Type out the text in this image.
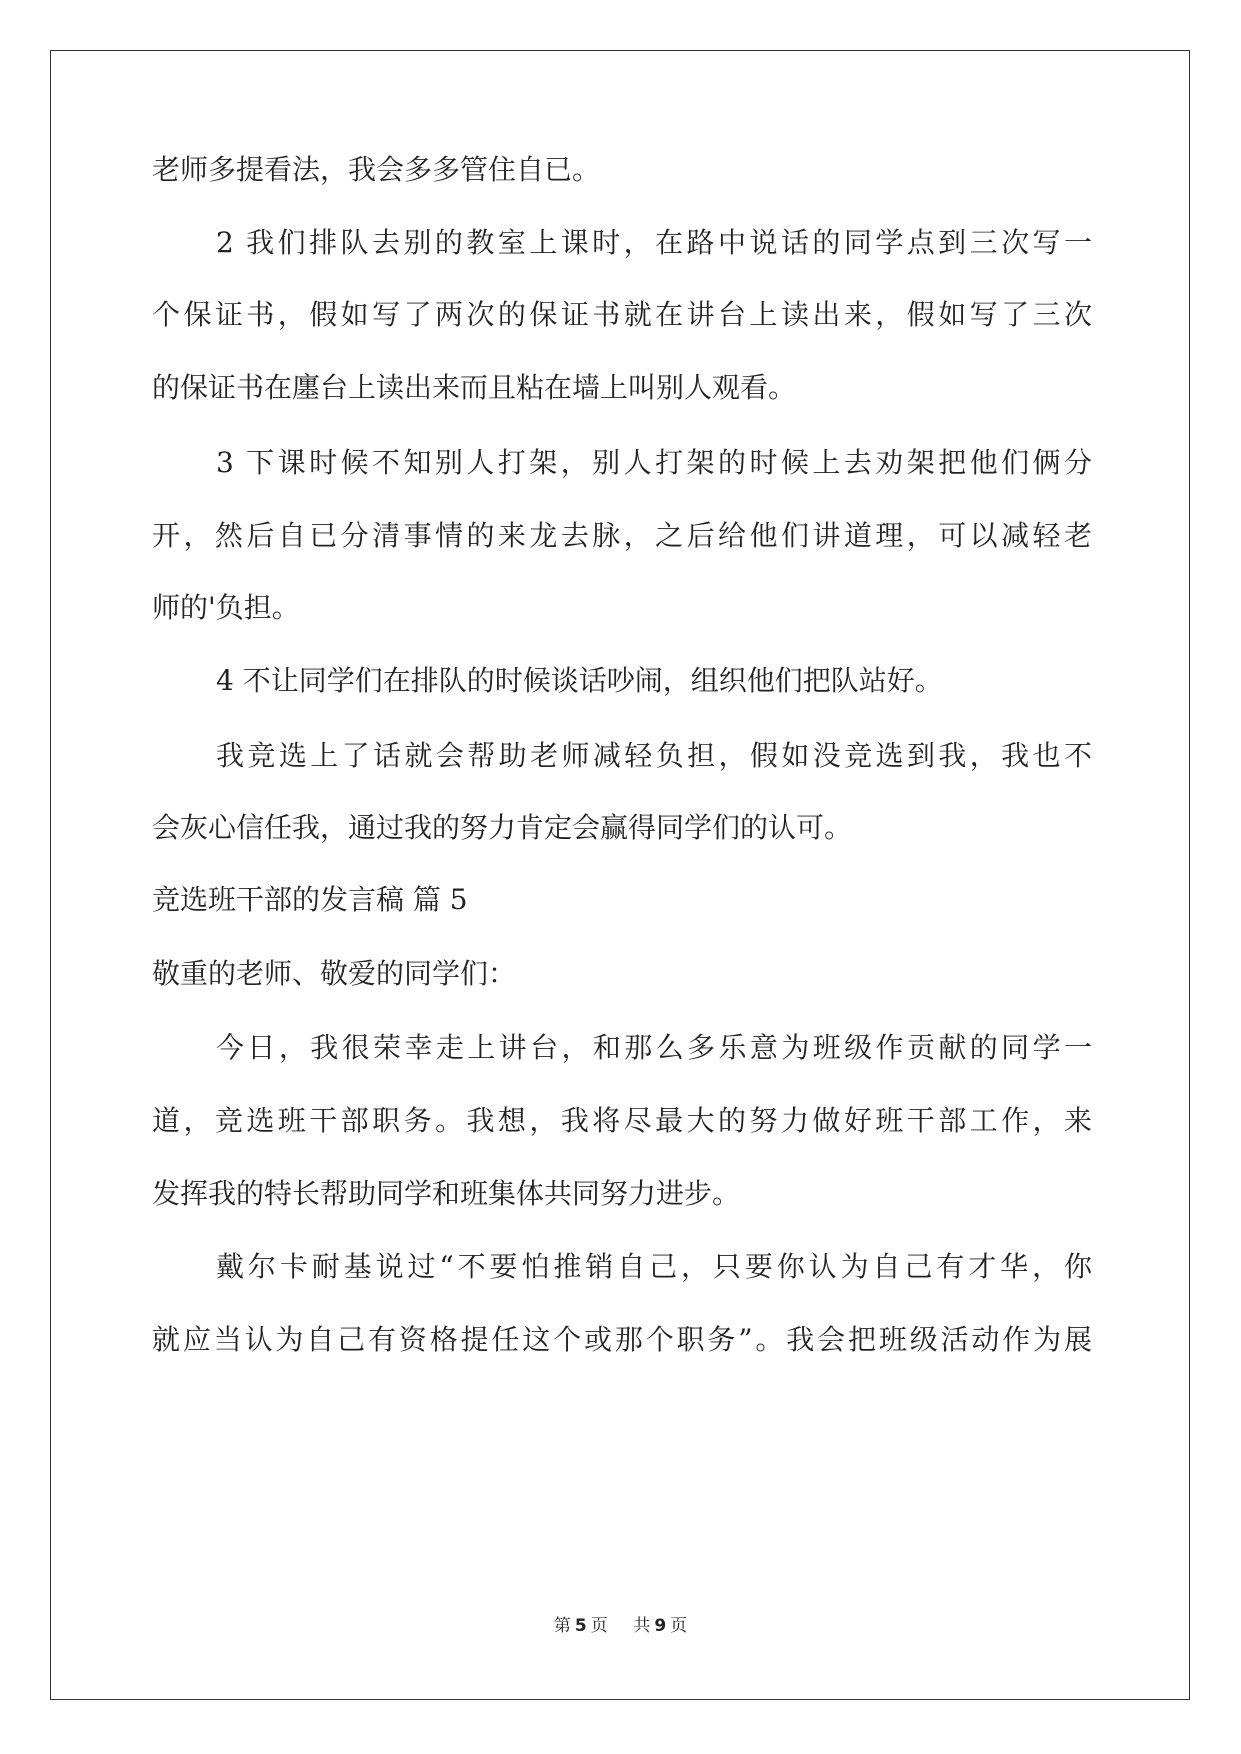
老师多提看法，我会多多管住自已。
2 我们排队去别的教室上课时，在路中说话的同学点到三次写一
个保证书，假如写了两次的保证书就在讲台上读出来，假如写了三次
的保证书在廛台上读出来而且粘在墙上叫别人观看。
3 下课时候不知别人打架，别人打架的时候上去劝架把他们俩分
开，然后自已分清事情的来龙去脉，之后给他们讲道理，可以减轻老
师的'负担。
4 不让同学们在排队的时候谈话吵闹，组织他们把队站好。
我竞选上了话就会帮助老师减轻负担，假如没竞选到我，我也不
会灰心信任我，通过我的努力肯定会赢得同学们的认可。
竞选班干部的发言稿 篇 5
敬重的老师、敬爱的同学们：
今日，我很荣幸走上讲台，和那么多乐意为班级作贡献的同学一
道，竞选班干部职务。我想，我将尽最大的努力做好班干部工作，来
发挥我的特长帮助同学和班集体共同努力进步。
戴尔卡耐基说过“不要怕推销自己，只要你认为自己有才华，你
就应当认为自己有资格提任这个或那个职务”。我会把班级活动作为展
第 5 页 共 9 页
